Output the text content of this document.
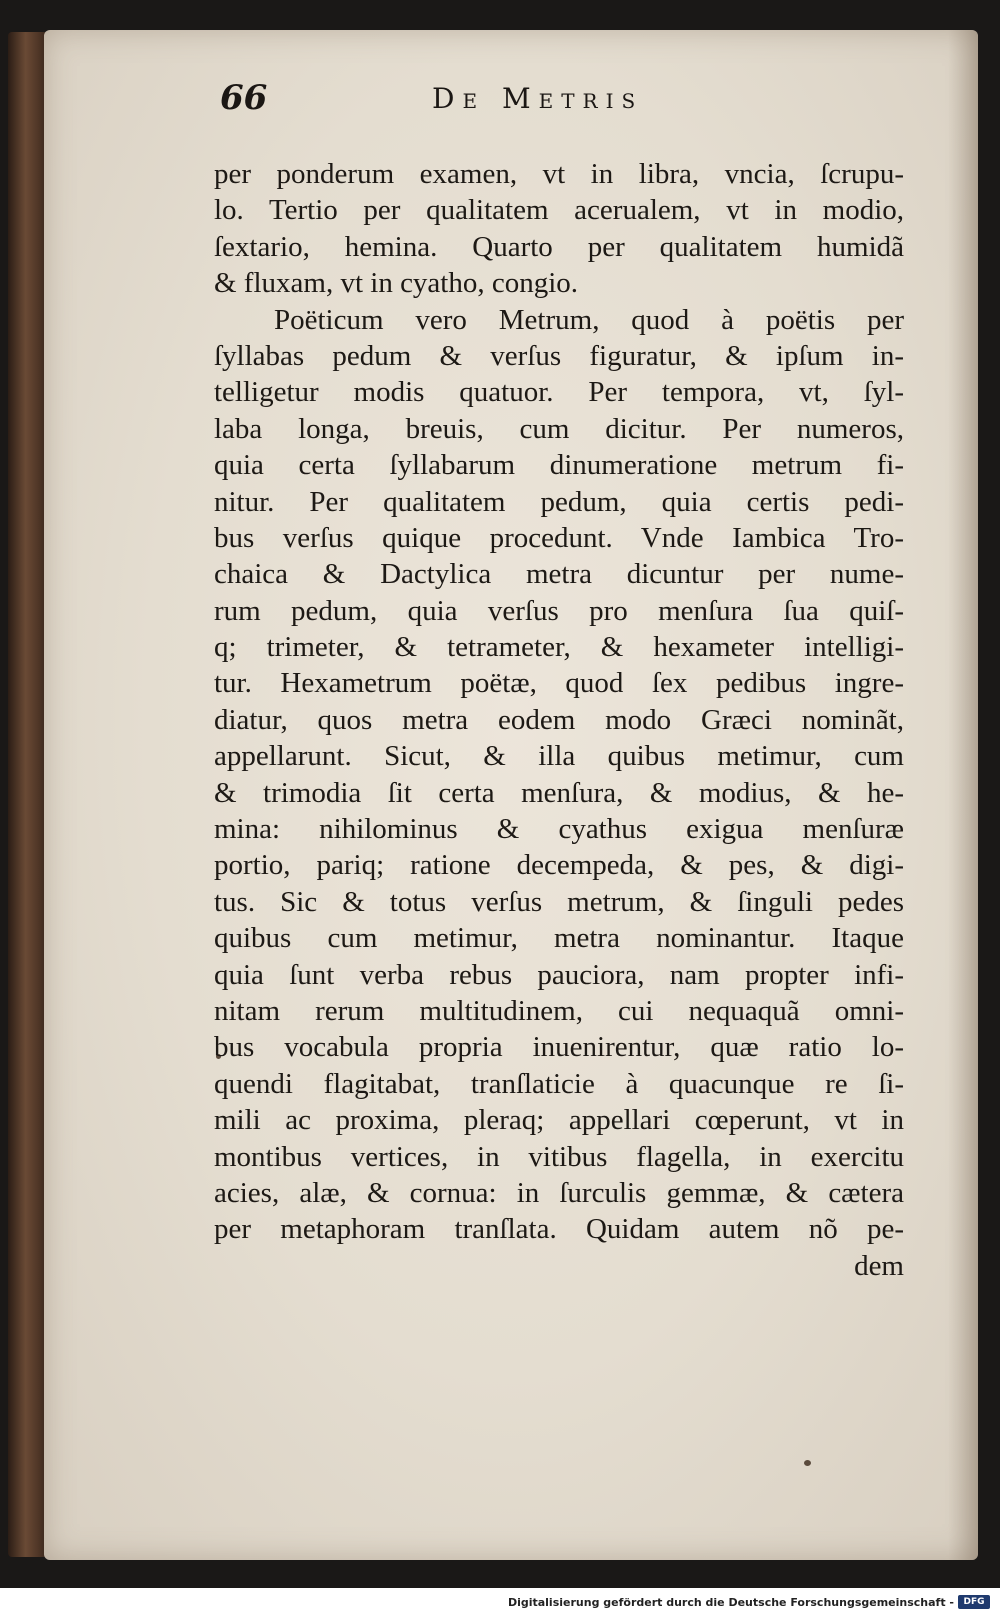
66	De Metris
per ponderum examen, vt in libra, vncia, ſcrupu-
lo. Tertio per qualitatem acerualem, vt in modio,
ſextario, hemina. Quarto per qualitatem humidã
& fluxam, vt in cyatho, congio.
Poëticum vero Metrum, quod à poëtis per
ſyllabas pedum & verſus figuratur, & ipſum in-
telligetur modis quatuor. Per tempora, vt, ſyl-
laba longa, breuis, cum dicitur. Per numeros,
quia certa ſyllabarum dinumeratione metrum fi-
nitur. Per qualitatem pedum, quia certis pedi-
bus verſus quique procedunt. Vnde Iambica Tro-
chaica & Dactylica metra dicuntur per nume-
rum pedum, quia verſus pro menſura ſua quiſ-
q; trimeter, & tetrameter, & hexameter intelligi-
tur. Hexametrum poëtæ, quod ſex pedibus ingre-
diatur, quos metra eodem modo Græci nominãt,
appellarunt. Sicut, & illa quibus metimur, cum
& trimodia ſit certa menſura, & modius, & he-
mina: nihilominus & cyathus exigua menſuræ
portio, pariq; ratione decempeda, & pes, & digi-
tus. Sic & totus verſus metrum, & ſinguli pedes
quibus cum metimur, metra nominantur. Itaque
quia ſunt verba rebus pauciora, nam propter infi-
nitam rerum multitudinem, cui nequaquã omni-
bus vocabula propria inuenirentur, quæ ratio lo-
quendi flagitabat, tranſlaticie à quacunque re ſi-
mili ac proxima, pleraq; appellari cœperunt, vt in
montibus vertices, in vitibus flagella, in exercitu
acies, alæ, & cornua: in ſurculis gemmæ, & cætera
per metaphoram tranſlata. Quidam autem nõ pe-
dem
Digitalisierung gefördert durch die Deutsche Forschungsgemeinschaft -	DFG
